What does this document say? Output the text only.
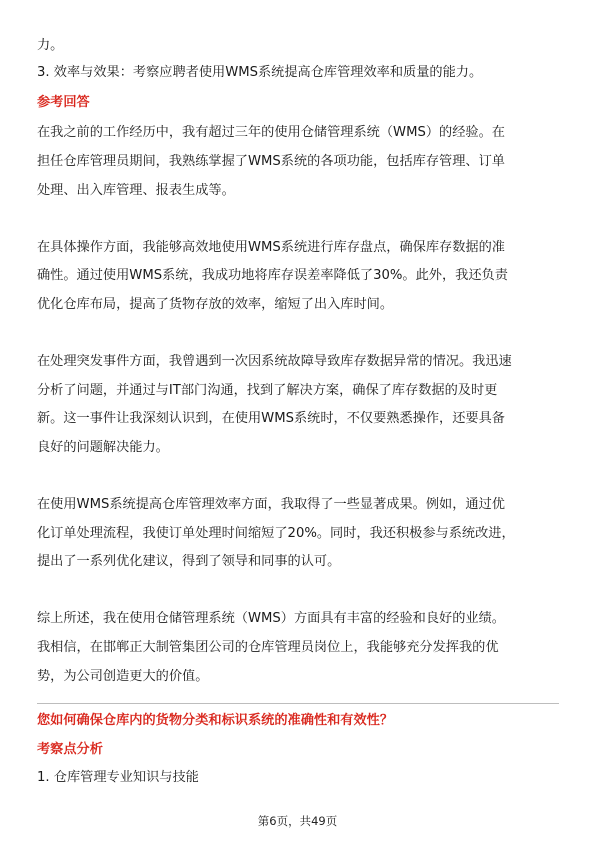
力。
3. 效率与效果：考察应聘者使用WMS系统提高仓库管理效率和质量的能力。
参考回答
在我之前的工作经历中，我有超过三年的使用仓储管理系统（WMS）的经验。在
担任仓库管理员期间，我熟练掌握了WMS系统的各项功能，包括库存管理、订单
处理、出入库管理、报表生成等。
在具体操作方面，我能够高效地使用WMS系统进行库存盘点，确保库存数据的准
确性。通过使用WMS系统，我成功地将库存误差率降低了30%。此外，我还负责
优化仓库布局，提高了货物存放的效率，缩短了出入库时间。
在处理突发事件方面，我曾遇到一次因系统故障导致库存数据异常的情况。我迅速
分析了问题，并通过与IT部门沟通，找到了解决方案，确保了库存数据的及时更
新。这一事件让我深刻认识到，在使用WMS系统时，不仅要熟悉操作，还要具备
良好的问题解决能力。
在使用WMS系统提高仓库管理效率方面，我取得了一些显著成果。例如，通过优
化订单处理流程，我使订单处理时间缩短了20%。同时，我还积极参与系统改进，
提出了一系列优化建议，得到了领导和同事的认可。
综上所述，我在使用仓储管理系统（WMS）方面具有丰富的经验和良好的业绩。
我相信，在邯郸正大制管集团公司的仓库管理员岗位上，我能够充分发挥我的优
势，为公司创造更大的价值。
您如何确保仓库内的货物分类和标识系统的准确性和有效性？
考察点分析
1. 仓库管理专业知识与技能
第6页，共49页
